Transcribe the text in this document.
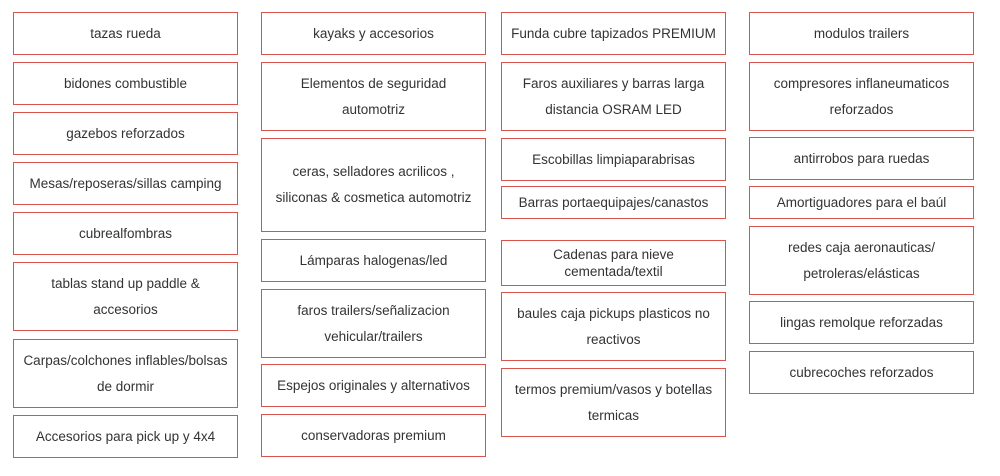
tazas rueda
bidones combustible
gazebos reforzados
Mesas/reposeras/sillas camping
cubrealfombras
tablas stand up paddle & accesorios
Carpas/colchones inflables/bolsas de dormir
Accesorios para pick up y 4x4
kayaks y accesorios
Elementos de seguridad automotriz
ceras, selladores acrilicos , siliconas & cosmetica automotriz
Lámparas halogenas/led
faros trailers/señalizacion vehicular/trailers
Espejos originales y alternativos
conservadoras premium
Funda cubre tapizados PREMIUM
Faros auxiliares y barras larga distancia OSRAM LED
Escobillas limpiaparabrisas
Barras portaequipajes/canastos
Cadenas para nieve cementada/textil
baules caja pickups plasticos no reactivos
termos premium/vasos y botellas termicas
modulos trailers
compresores inflaneumaticos reforzados
antirrobos para ruedas
Amortiguadores para el baúl
redes caja aeronauticas/ petroleras/elásticas
lingas remolque reforzadas
cubrecoches reforzados
